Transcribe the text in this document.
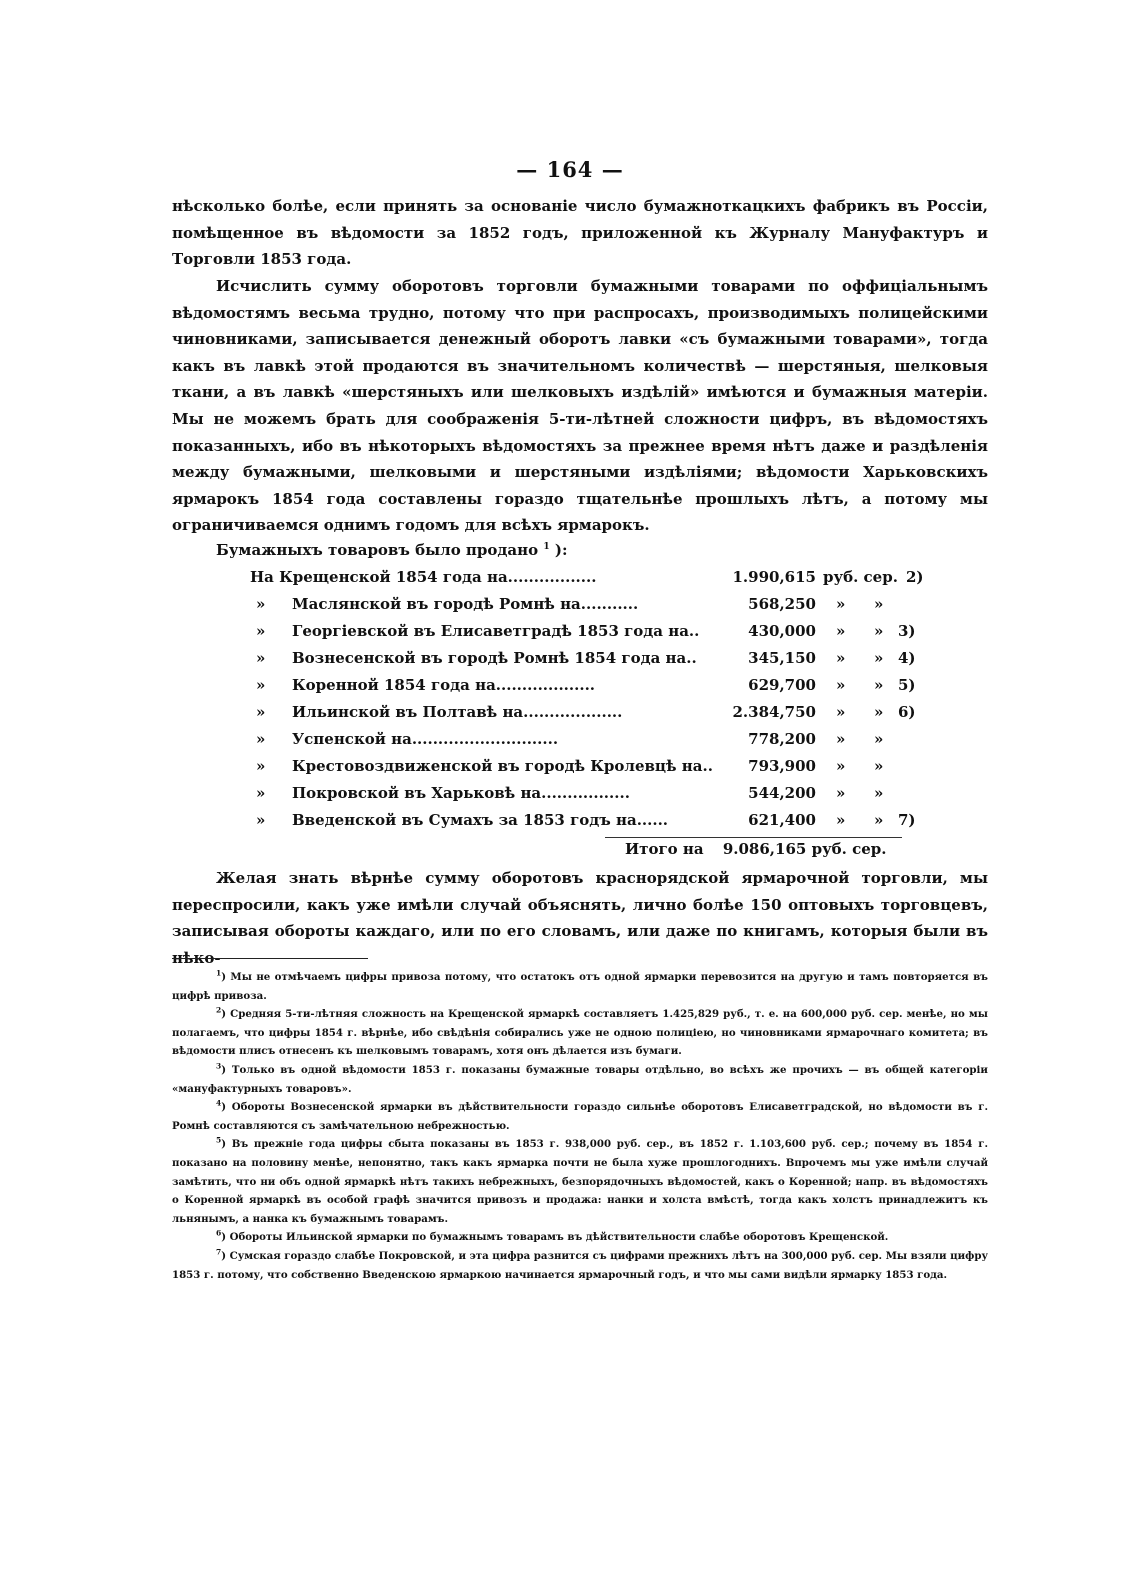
— 164 —

нѣсколько болѣе, если принять за основаніе число бумажноткацкихъ фабрикъ въ Россіи, помѣщенное въ вѣдомости за 1852 годъ, приложенной къ Журналу Мануфактуръ и Торговли 1853 года.

Исчислить сумму оборотовъ торговли бумажными товарами по оффиціальнымъ вѣдомостямъ весьма трудно, потому что при распросахъ, производимыхъ полицейскими чиновниками, записывается денежный оборотъ лавки «съ бумажными товарами», тогда какъ въ лавкѣ этой продаются въ значительномъ количествѣ — шерстяныя, шелковыя ткани, а въ лавкѣ «шерстяныхъ или шелковыхъ издѣлій» имѣются и бумажныя матеріи. Мы не можемъ брать для соображенія 5-ти-лѣтней сложности цифръ, въ вѣдомостяхъ показанныхъ, ибо въ нѣкоторыхъ вѣдомостяхъ за прежнее время нѣтъ даже и раздѣленія между бумажными, шелковыми и шерстяными издѣліями; вѣдомости Харьковскихъ ярмарокъ 1854 года составлены гораздо тщательнѣе прошлыхъ лѣтъ, а потому мы ограничиваемся однимъ годомъ для всѣхъ ярмарокъ.

Бумажныхъ товаровъ было продано $^1$ ):
На Крещенской 1854 года на.................	1.990,615 руб. сер. 2)
»	Маслянской въ городѣ Ромнѣ на...........	568,250 » »
»	Георгіевской въ Елисаветградѣ 1853 года на..	430,000 » » 3)
»	Вознесенской въ городѣ Ромнѣ 1854 года на..	345,150 » » 4)
»	Коренной 1854 года на...................	629,700 » » 5)
»	Ильинской въ Полтавѣ на...................	2.384,750 » » 6)
»	Успенской на............................	778,200 » »
»	Крестовоздвиженской въ городѣ Кролевцѣ на..	793,900 » »
»	Покровской въ Харьковѣ на.................	544,200 » »
»	Введенской въ Сумахъ за 1853 годъ на......	621,400 » » 7)
Итого на 9.086,165 руб. сер.

Желая знать вѣрнѣе сумму оборотовъ краснорядской ярмарочной торговли, мы переспросили, какъ уже имѣли случай объяснять, лично болѣе 150 оптовыхъ торговцевъ, записывая обороты каждаго, или по его словамъ, или даже по книгамъ, которыя были въ нѣко-

$^1$) Мы не отмѣчаемъ цифры привоза потому, что остатокъ отъ одной ярмарки перевозится на другую и тамъ повторяется въ цифрѣ привоза.

$^2$) Средняя 5-ти-лѣтняя сложность на Крещенской ярмаркѣ составляетъ 1.425,829 руб., т. е. на 600,000 руб. сер. менѣе, но мы полагаемъ, что цифры 1854 г. вѣрнѣе, ибо свѣдѣнія собирались уже не одною полиціею, но чиновниками ярмарочнаго комитета; въ вѣдомости плисъ отнесенъ къ шелковымъ товарамъ, хотя онъ дѣлается изъ бумаги.

$^3$) Только въ одной вѣдомости 1853 г. показаны бумажные товары отдѣльно, во всѣхъ же прочихъ — въ общей категоріи «мануфактурныхъ товаровъ».

$^4$) Обороты Вознесенской ярмарки въ дѣйствительности гораздо сильнѣе оборотовъ Елисаветградской, но вѣдомости въ г. Ромнѣ составляются съ замѣчательною небрежностью.

$^5$) Въ прежніе года цифры сбыта показаны въ 1853 г. 938,000 руб. сер., въ 1852 г. 1.103,600 руб. сер.; почему въ 1854 г. показано на половину менѣе, непонятно, такъ какъ ярмарка почти не была хуже прошлогоднихъ. Впрочемъ мы уже имѣли случай замѣтить, что ни объ одной ярмаркѣ нѣтъ такихъ небрежныхъ, безпорядочныхъ вѣдомостей, какъ о Коренной; напр. въ вѣдомостяхъ о Коренной ярмаркѣ въ особой графѣ значится привозъ и продажа: нанки и холста вмѣстѣ, тогда какъ холстъ принадлежитъ къ льнянымъ, а нанка къ бумажнымъ товарамъ.

$^6$) Обороты Ильинской ярмарки по бумажнымъ товарамъ въ дѣйствительности слабѣе оборотовъ Крещенской.

$^7$) Сумская гораздо слабѣе Покровской, и эта цифра разнится съ цифрами прежнихъ лѣтъ на 300,000 руб. сер. Мы взяли цифру 1853 г. потому, что собственно Введенскою ярмаркою начинается ярмарочный годъ, и что мы сами видѣли ярмарку 1853 года.
